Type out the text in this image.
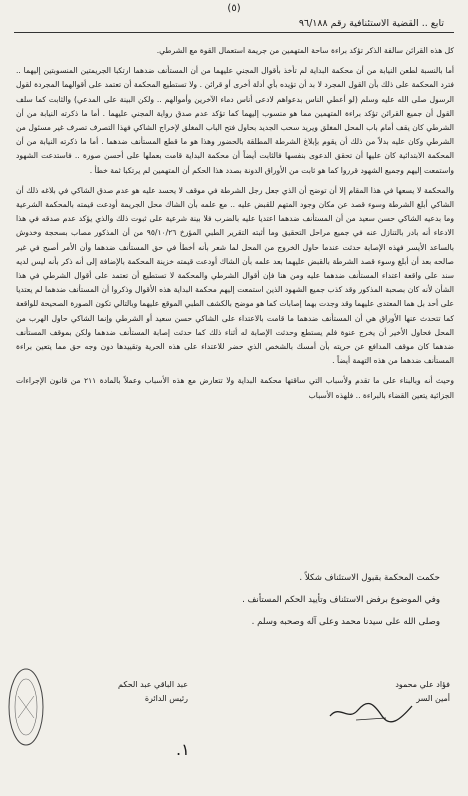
(٥)
تابع .. القضية الاستئنافية رقم ٩٦/١٨٨

كل هذه القرائن سالفة الذكر تؤكد براءة ساحة المتهمين من جريمة استعمال القوة مع الشرطي.

أما بالنسبة لطعن النيابة من أن محكمة البداية لم تأخذ بأقوال المجني عليهما من أن المستأنف ضدهما ارتكبا الجريمتين المنسوبتين إليهما .. فترد المحكمة على ذلك بأن القول المجرد لا بد أن تؤيده بأي أدلة أخرى أو قرائن . ولا تستطيع المحكمة أن تعتمد على أقوالهما المجردة لقول الرسول صلى الله عليه وسلم (لو أعطي الناس بدعواهم لادعى أناس دماء الآخرين وأموالهم .. ولكن البينة على المدعي) والثابت كما سلف القول أن جميع القرائن تؤكد براءة المتهمين مما هو منسوب إليهما كما تؤكد عدم صدق رواية المجني عليهما . أما ما ذكرته النيابة من أن الشرطي كان يقف أمام باب المحل المغلق ويريد سحب الجديد بحاول فتح الباب المغلق لإخراج الشاكي فهذا التصرف تصرف غير مسئول من الشرطي وكان عليه بدلاً من ذلك أن يقوم بإبلاغ الشرطة المطلقة بالحضور وهذا هو ما قطع المستأنف ضدهما . أما ما ذكرته النيابة من أن المحكمة الابتدائية كان عليها أن تحقق الدعوى بنفسها فالثابت أيضاً أن محكمة البداية قامت بعملها على أحسن صورة .. فاستدعت الشهود واستمعت إليهم وجميع الشهود قرروا كما هو ثابت من الأوراق الدونة بصدد هذا الحكم أن المتهمين لم يرتكبا ثمة خطأ .

والمحكمة لا يسعها في هذا المقام إلا أن توضح أن الذي جعل رجل الشرطة في موقف لا يحسد عليه هو عدم صدق الشاكي في بلاغه ذلك أن الشاكي أبلغ الشرطة وسوء قصد عن مكان وجود المتهم للقبض عليه .. مع علمه بأن الشاك محل الجريمة أودعت قيمته بالمحكمة الشرعية وما بدعيه الشاكي حسن سعيد من أن المستأنف ضدهما اعتديا عليه بالضرب فلا بينة شرعية على ثبوت ذلك والذي يؤكد عدم صدقه في هذا الادعاء أنه بادر بالتنازل عنه في جميع مراحل التحقيق وما أثبته التقرير الطبي المؤرخ ٩٥/١٠/٢٦ من أن المذكور مصاب بسحجة وخدوش بالساعد الأيسر فهذه الإصابة حدثت عندما حاول الخروج من المحل لما شعر بأنه أخطأ في حق المستأنف ضدهما وأن الأمر أصبح في غير صالحه بعد أن أبلغ وسوء قصد الشرطة بالقبض عليهما بعد علمه بأن الشاك أودعت قيمته خزينة المحكمة بالإضافة إلى أنه ذكر بأنه ليس لديه سند على واقعة اعتداء المستأنف ضدهما عليه ومن هنا فإن أقوال الشرطي والمحكمة لا تستطيع أن تعتمد على أقوال الشرطي في هذا الشأن لأنه كان بصحبة المذكور وقد كذب جميع الشهود الذين استمعت إليهم محكمة البداية هذه الأقوال وذكروا أن المستأنف ضدهما لم يعتديا على أحد بل هما المعتدى عليهما وقد وجدت بهما إصابات كما هو موضح بالكشف الطبي الموقع عليهما وبالتالي تكون الصورة الصحيحة للواقعة كما تتحدث عنها الأوراق هي أن المستأنف ضدهما ما قامت بالاعتداء على الشاكي حسن سعيد أو الشرطي وإنما الشاكي حاول الهرب من المحل فحاول الأخير أن يخرج عنوة فلم يستطع وحدثت الإصابة له أثناء ذلك كما حدثت إصابة المستأنف ضدهما ولكن بموقف المستأنف ضدهما كان موقف المدافع عن حريته بأن أمسك بالشخص الذي حضر للاعتداء على هذه الحرية وتقييدها دون وجه حق مما يتعين براءة المستأنف ضدهما من هذه التهمة أيضاً .

وحيث أنه وبالبناء على ما تقدم ولأسباب التي ساقتها محكمة البداية ولا تتعارض مع هذه الأسباب وعملاً بالمادة ٢١١ من قانون الإجراءات الجزائية يتعين القضاء بالبراءة .. فلهذه الأسباب

حكمت المحكمة بقبول الاستئناف شكلاً .
وفي الموضوع برفض الاستئناف وتأييد الحكم المستأنف .
وصلى الله على سيدنا محمد وعلى آله وصحبه وسلم .
عبد الباقي عبد الحكم
رئيس الدائرة
فؤاد علي محمود
أمين السر
١.
